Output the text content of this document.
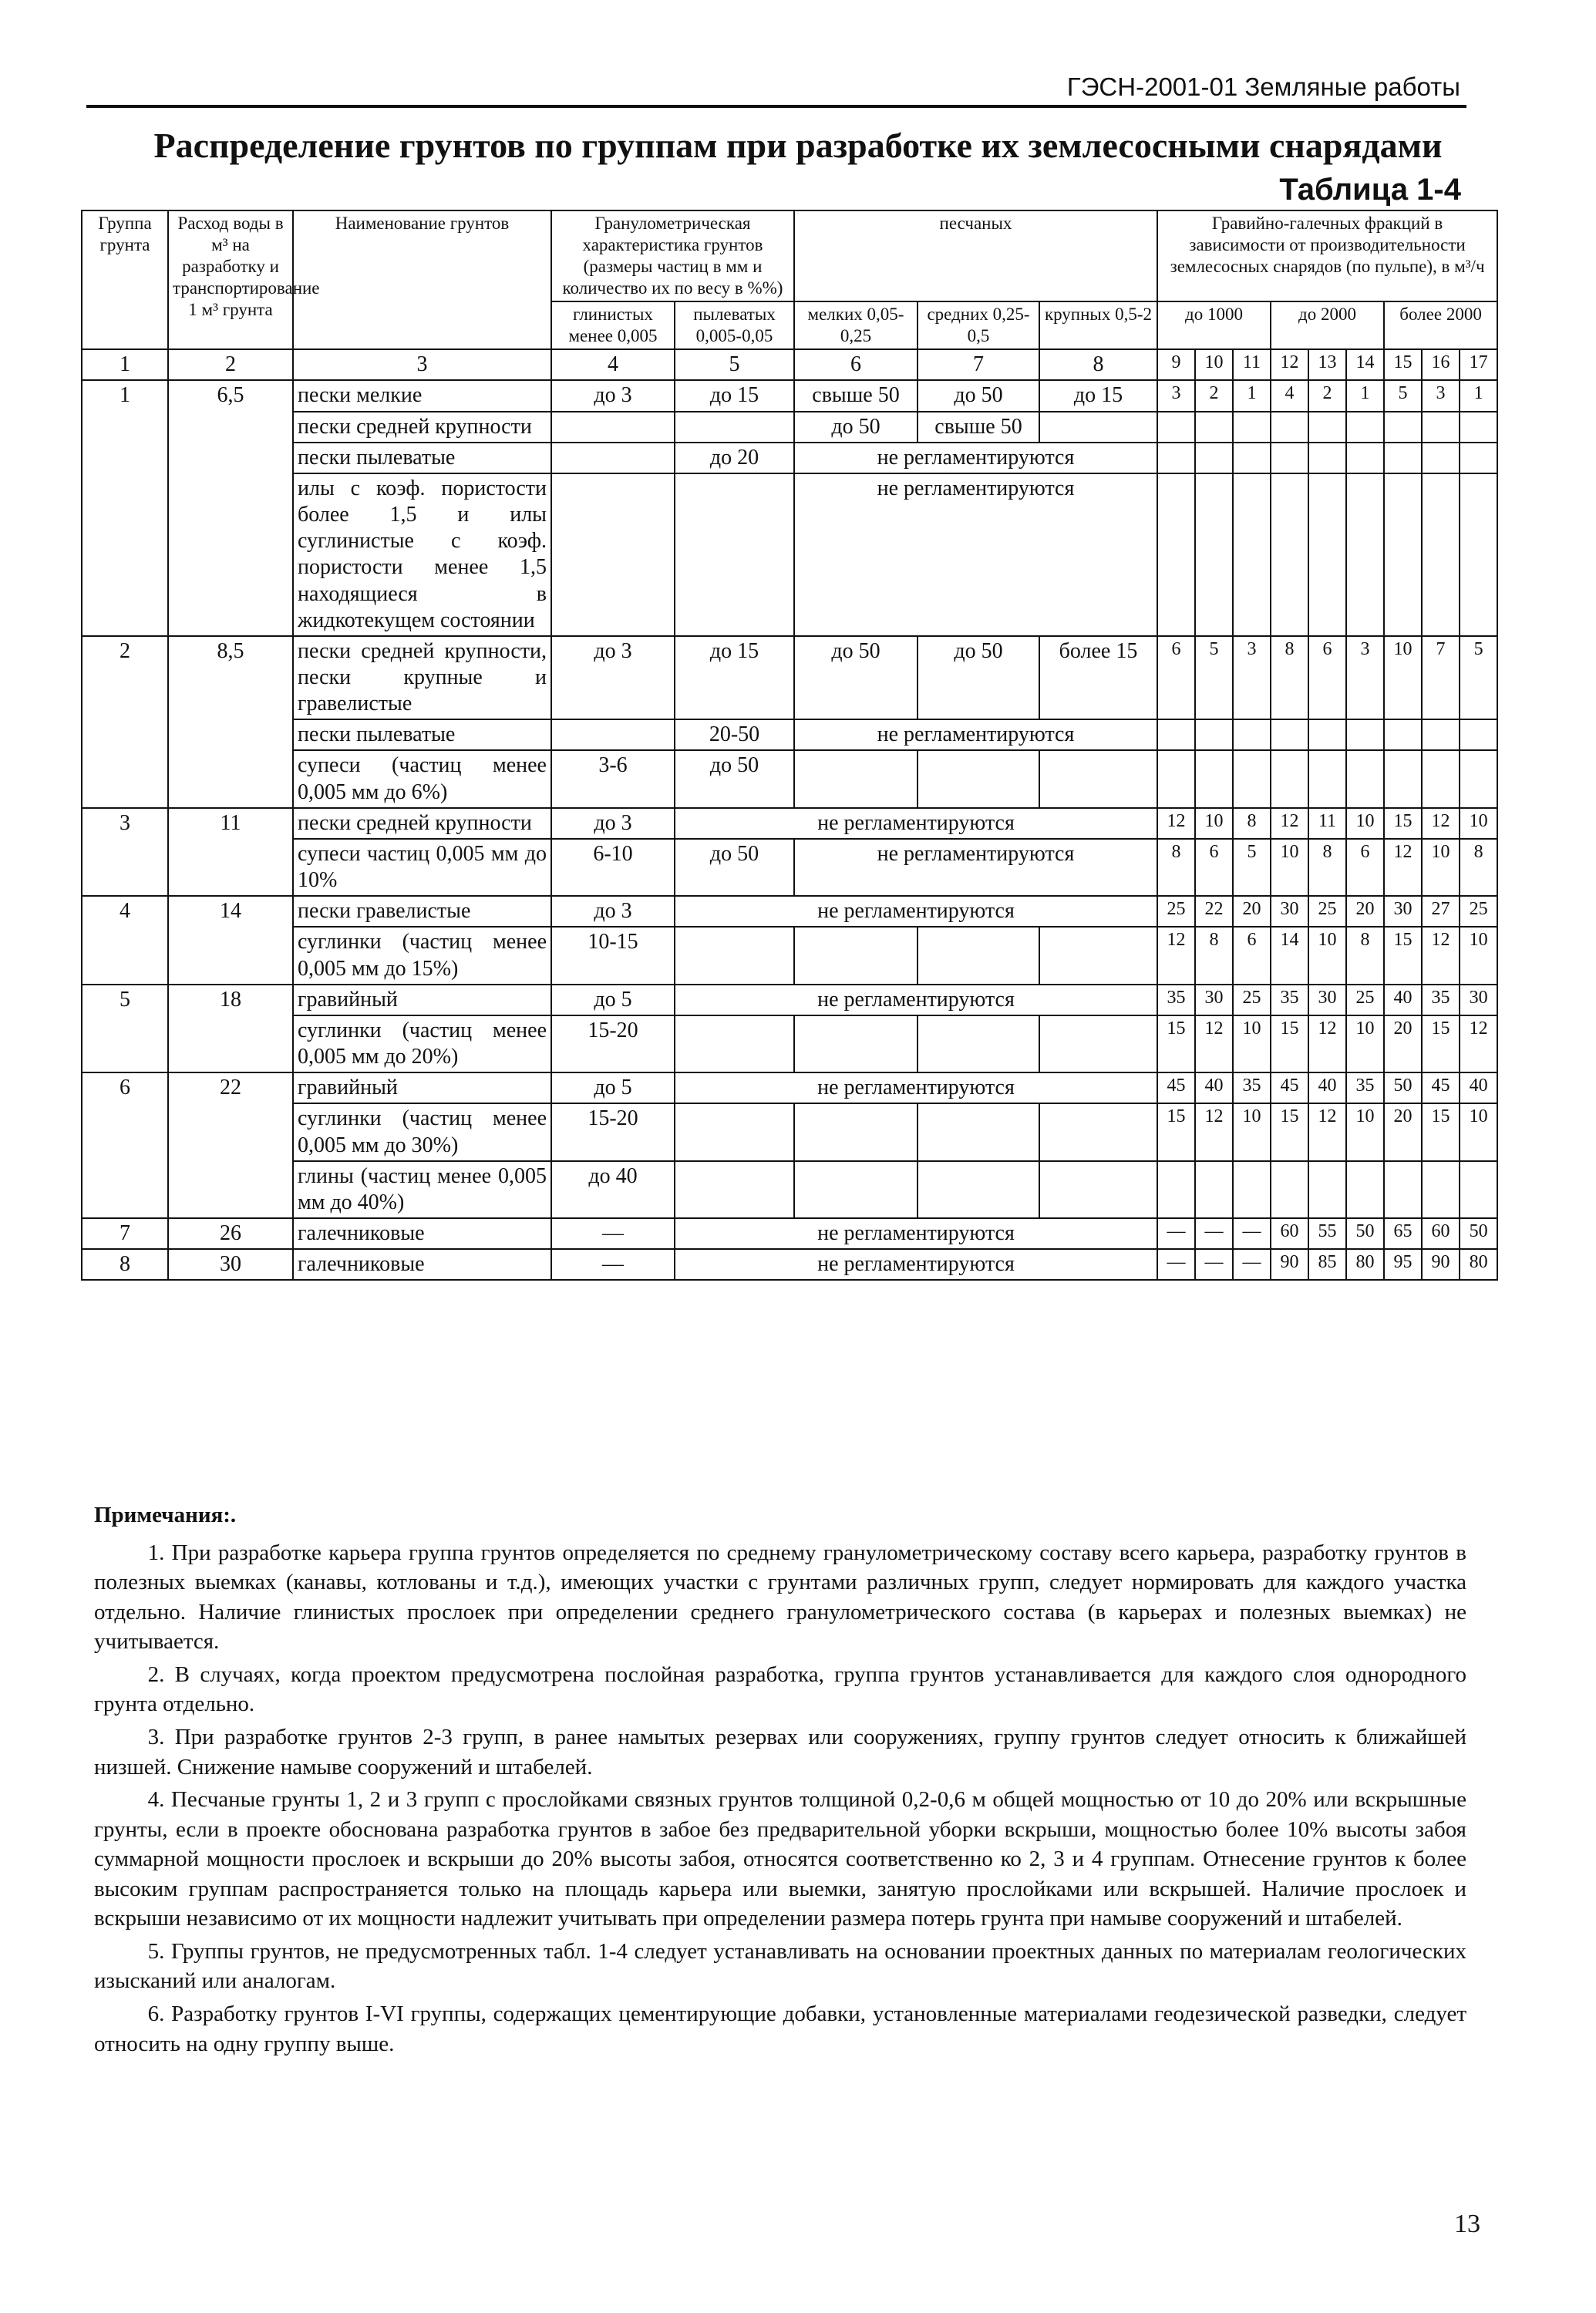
ГЭСН-2001-01 Земляные работы
Распределение грунтов по группам при разработке их землесосными снарядами
Таблица 1-4
Группа грунта	Расход воды в м³ на разработку и транспортирование 1 м³ грунта	Наименование грунтов	Гранулометрическая характеристика грунтов (размеры частиц в мм и количество их по весу в %%)		песчаных			Гравийно-галечных фракций в зависимости от производительности землесосных снарядов (по пульпе), в м³/ч								
			глинистых менее 0,005	пылеватых 0,005-0,05	мелких 0,05-0,25	средних 0,25-0,5	крупных 0,5-2	до 1000			до 2000			более 2000		
1	2	3	4	5	6	7	8	9	10	11	12	13	14	15	16	17
1	6,5	пески мелкие	до 3	до 15	свыше 50	до 50	до 15	3	2	1	4	2	1	5	3	1
		пески средней крупности			до 50	свыше 50										
		пески пылеватые		до 20	не регламентируются											
		илы с коэф. пористости более 1,5 и илы суглинистые с коэф. пористости менее 1,5 находящиеся в жидкотекущем состоянии			не регламентируются											
2	8,5	пески средней крупности, пески крупные и гравелистые	до 3	до 15	до 50	до 50	более 15	6	5	3	8	6	3	10	7	5
		пески пылеватые		20-50	не регламентируются											
		супеси (частиц менее 0,005 мм до 6%)	3-6	до 50												
3	11	пески средней крупности	до 3	не регламентируются				12	10	8	12	11	10	15	12	10
		супеси частиц 0,005 мм до 10%	6-10	до 50	не регламентируются			8	6	5	10	8	6	12	10	8
4	14	пески гравелистые	до 3	не регламентируются				25	22	20	30	25	20	30	27	25
		суглинки (частиц менее 0,005 мм до 15%)	10-15					12	8	6	14	10	8	15	12	10
5	18	гравийный	до 5	не регламентируются				35	30	25	35	30	25	40	35	30
		суглинки (частиц менее 0,005 мм до 20%)	15-20					15	12	10	15	12	10	20	15	12
6	22	гравийный	до 5	не регламентируются				45	40	35	45	40	35	50	45	40
		суглинки (частиц менее 0,005 мм до 30%)	15-20					15	12	10	15	12	10	20	15	10
		глины (частиц менее 0,005 мм до 40%)	до 40													
7	26	галечниковые	—	не регламентируются				—	—	—	60	55	50	65	60	50
8	30	галечниковые	—	не регламентируются				—	—	—	90	85	80	95	90	80
Примечания:.
1. При разработке карьера группа грунтов определяется по среднему гранулометрическому составу всего карьера, разработку грунтов в полезных выемках (канавы, котлованы и т.д.), имеющих участки с грунтами различных групп, следует нормировать для каждого участка отдельно. Наличие глинистых прослоек при определении среднего гранулометрического состава (в карьерах и полезных выемках) не учитывается.
2. В случаях, когда проектом предусмотрена послойная разработка, группа грунтов устанавливается для каждого слоя однородного грунта отдельно.
3. При разработке грунтов 2-3 групп, в ранее намытых резервах или сооружениях, группу грунтов следует относить к ближайшей низшей. Снижение намыве сооружений и штабелей.
4. Песчаные грунты 1, 2 и 3 групп с прослойками связных грунтов толщиной 0,2-0,6 м общей мощностью от 10 до 20% или вскрышные грунты, если в проекте обоснована разработка грунтов в забое без предварительной уборки вскрыши, мощностью более 10% высоты забоя суммарной мощности прослоек и вскрыши до 20% высоты забоя, относятся соответственно ко 2, 3 и 4 группам. Отнесение грунтов к более высоким группам распространяется только на площадь карьера или выемки, занятую прослойками или вскрышей. Наличие прослоек и вскрыши независимо от их мощности надлежит учитывать при определении размера потерь грунта при намыве сооружений и штабелей.
5. Группы грунтов, не предусмотренных табл. 1-4 следует устанавливать на основании проектных данных по материалам геологических изысканий или аналогам.
6. Разработку грунтов I-VI группы, содержащих цементирующие добавки, установленные материалами геодезической разведки, следует относить на одну группу выше.
13
